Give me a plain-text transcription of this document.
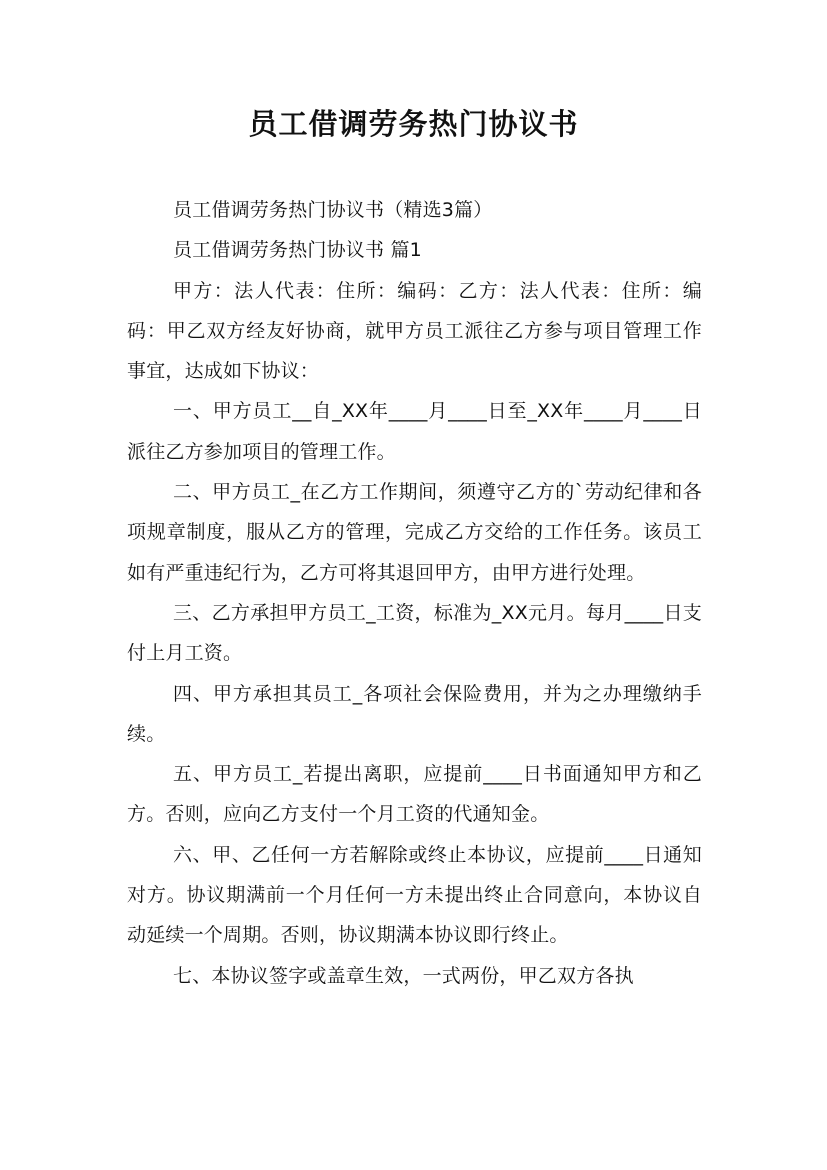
员工借调劳务热门协议书

员工借调劳务热门协议书（精选3篇）

员工借调劳务热门协议书 篇1

甲方：法人代表：住所：编码：乙方：法人代表：住所：编码：甲乙双方经友好协商，就甲方员工派往乙方参与项目管理工作事宜，达成如下协议：

一、甲方员工__自_XX年____月____日至_XX年____月____日派往乙方参加项目的管理工作。

二、甲方员工_在乙方工作期间，须遵守乙方的`劳动纪律和各项规章制度，服从乙方的管理，完成乙方交给的工作任务。该员工如有严重违纪行为，乙方可将其退回甲方，由甲方进行处理。

三、乙方承担甲方员工_工资，标准为_XX元月。每月____日支付上月工资。

四、甲方承担其员工_各项社会保险费用，并为之办理缴纳手续。

五、甲方员工_若提出离职，应提前____日书面通知甲方和乙方。否则，应向乙方支付一个月工资的代通知金。

六、甲、乙任何一方若解除或终止本协议，应提前____日通知对方。协议期满前一个月任何一方未提出终止合同意向，本协议自动延续一个周期。否则，协议期满本协议即行终止。

七、本协议签字或盖章生效，一式两份，甲乙双方各执
